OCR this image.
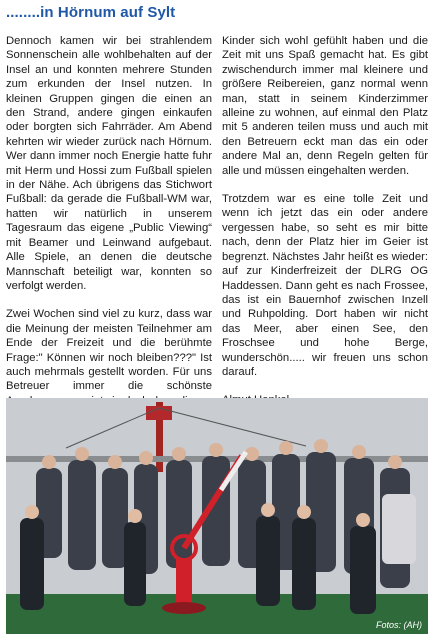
........in Hörnum auf Sylt

Dennoch kamen wir bei strahlendem Sonnenschein alle wohlbehalten auf der Insel an und konnten mehrere Stunden zum erkunden der Insel nutzen. In kleinen Gruppen gingen die einen an den Strand, andere gingen einkaufen oder borgten sich Fahrräder. Am Abend kehrten wir wieder zurück nach Hörnum. Wer dann immer noch Energie hatte fuhr mit Herm und Hossi zum Fußball spielen in der Nähe. Ach übrigens das Stichwort Fußball: da gerade die Fußball-WM war, hatten wir natürlich in unserem Tagesraum das eigene „Public Viewing“ mit Beamer und Leinwand aufgebaut. Alle Spiele, an denen die deutsche Mannschaft beteiligt war, konnten so verfolgt werden.

Zwei Wochen sind viel zu kurz, dass war die Meinung der meisten Teilnehmer am Ende der Freizeit und die berühmte Frage:" Können wir noch bleiben???" Ist auch mehrmals gestellt worden. Für uns Betreuer immer die schönste

Kinder sich wohl gefühlt haben und die Zeit mit uns Spaß gemacht hat. Es gibt zwischendurch immer mal kleinere und größere Reibereien, ganz normal wenn man, statt in seinem Kinderzimmer alleine zu wohnen, auf einmal den Platz mit 5 anderen teilen muss und auch mit den Betreuern eckt man das ein oder andere Mal an, denn Regeln gelten für alle und müssen eingehalten werden.

Trotzdem war es eine tolle Zeit und wenn ich jetzt das ein oder andere vergessen habe, so seht es mir bitte nach, denn der Platz hier im Geier ist begrenzt. Nächstes Jahr heißt es wieder: auf zur Kinderfreizeit der DLRG OG Haddessen. Dann geht es nach Frossee, das ist ein Bauernhof zwischen Inzell und Ruhpolding. Dort haben wir nicht das Meer, aber einen See, den Froschsee und hohe Berge, wunderschön..... wir freuen uns schon darauf.

Fotos: (AH)
